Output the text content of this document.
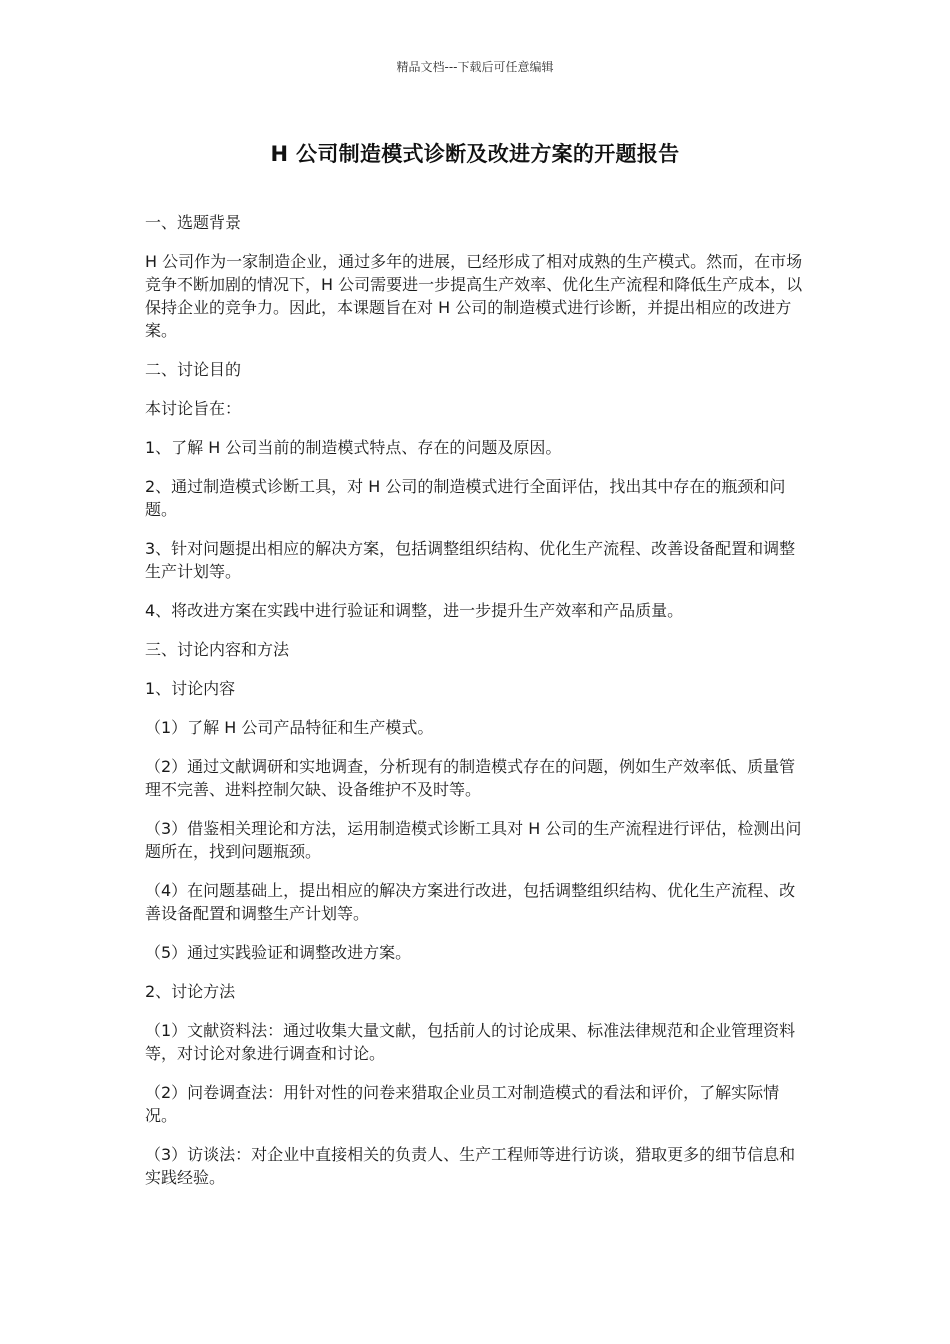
精品文档---下载后可任意编辑
H 公司制造模式诊断及改进方案的开题报告

一、选题背景

H 公司作为一家制造企业，通过多年的进展，已经形成了相对成熟的生产模式。然而，在市场竞争不断加剧的情况下，H 公司需要进一步提高生产效率、优化生产流程和降低生产成本，以保持企业的竞争力。因此，本课题旨在对 H 公司的制造模式进行诊断，并提出相应的改进方案。

二、讨论目的

本讨论旨在：

1、了解 H 公司当前的制造模式特点、存在的问题及原因。

2、通过制造模式诊断工具，对 H 公司的制造模式进行全面评估，找出其中存在的瓶颈和问题。

3、针对问题提出相应的解决方案，包括调整组织结构、优化生产流程、改善设备配置和调整生产计划等。

4、将改进方案在实践中进行验证和调整，进一步提升生产效率和产品质量。

三、讨论内容和方法

1、讨论内容

（1）了解 H 公司产品特征和生产模式。

（2）通过文献调研和实地调查，分析现有的制造模式存在的问题，例如生产效率低、质量管理不完善、进料控制欠缺、设备维护不及时等。

（3）借鉴相关理论和方法，运用制造模式诊断工具对 H 公司的生产流程进行评估，检测出问题所在，找到问题瓶颈。

（4）在问题基础上，提出相应的解决方案进行改进，包括调整组织结构、优化生产流程、改善设备配置和调整生产计划等。

（5）通过实践验证和调整改进方案。

2、讨论方法

（1）文献资料法：通过收集大量文献，包括前人的讨论成果、标准法律规范和企业管理资料等，对讨论对象进行调查和讨论。

（2）问卷调查法：用针对性的问卷来猎取企业员工对制造模式的看法和评价，了解实际情况。

（3）访谈法：对企业中直接相关的负责人、生产工程师等进行访谈，猎取更多的细节信息和实践经验。
